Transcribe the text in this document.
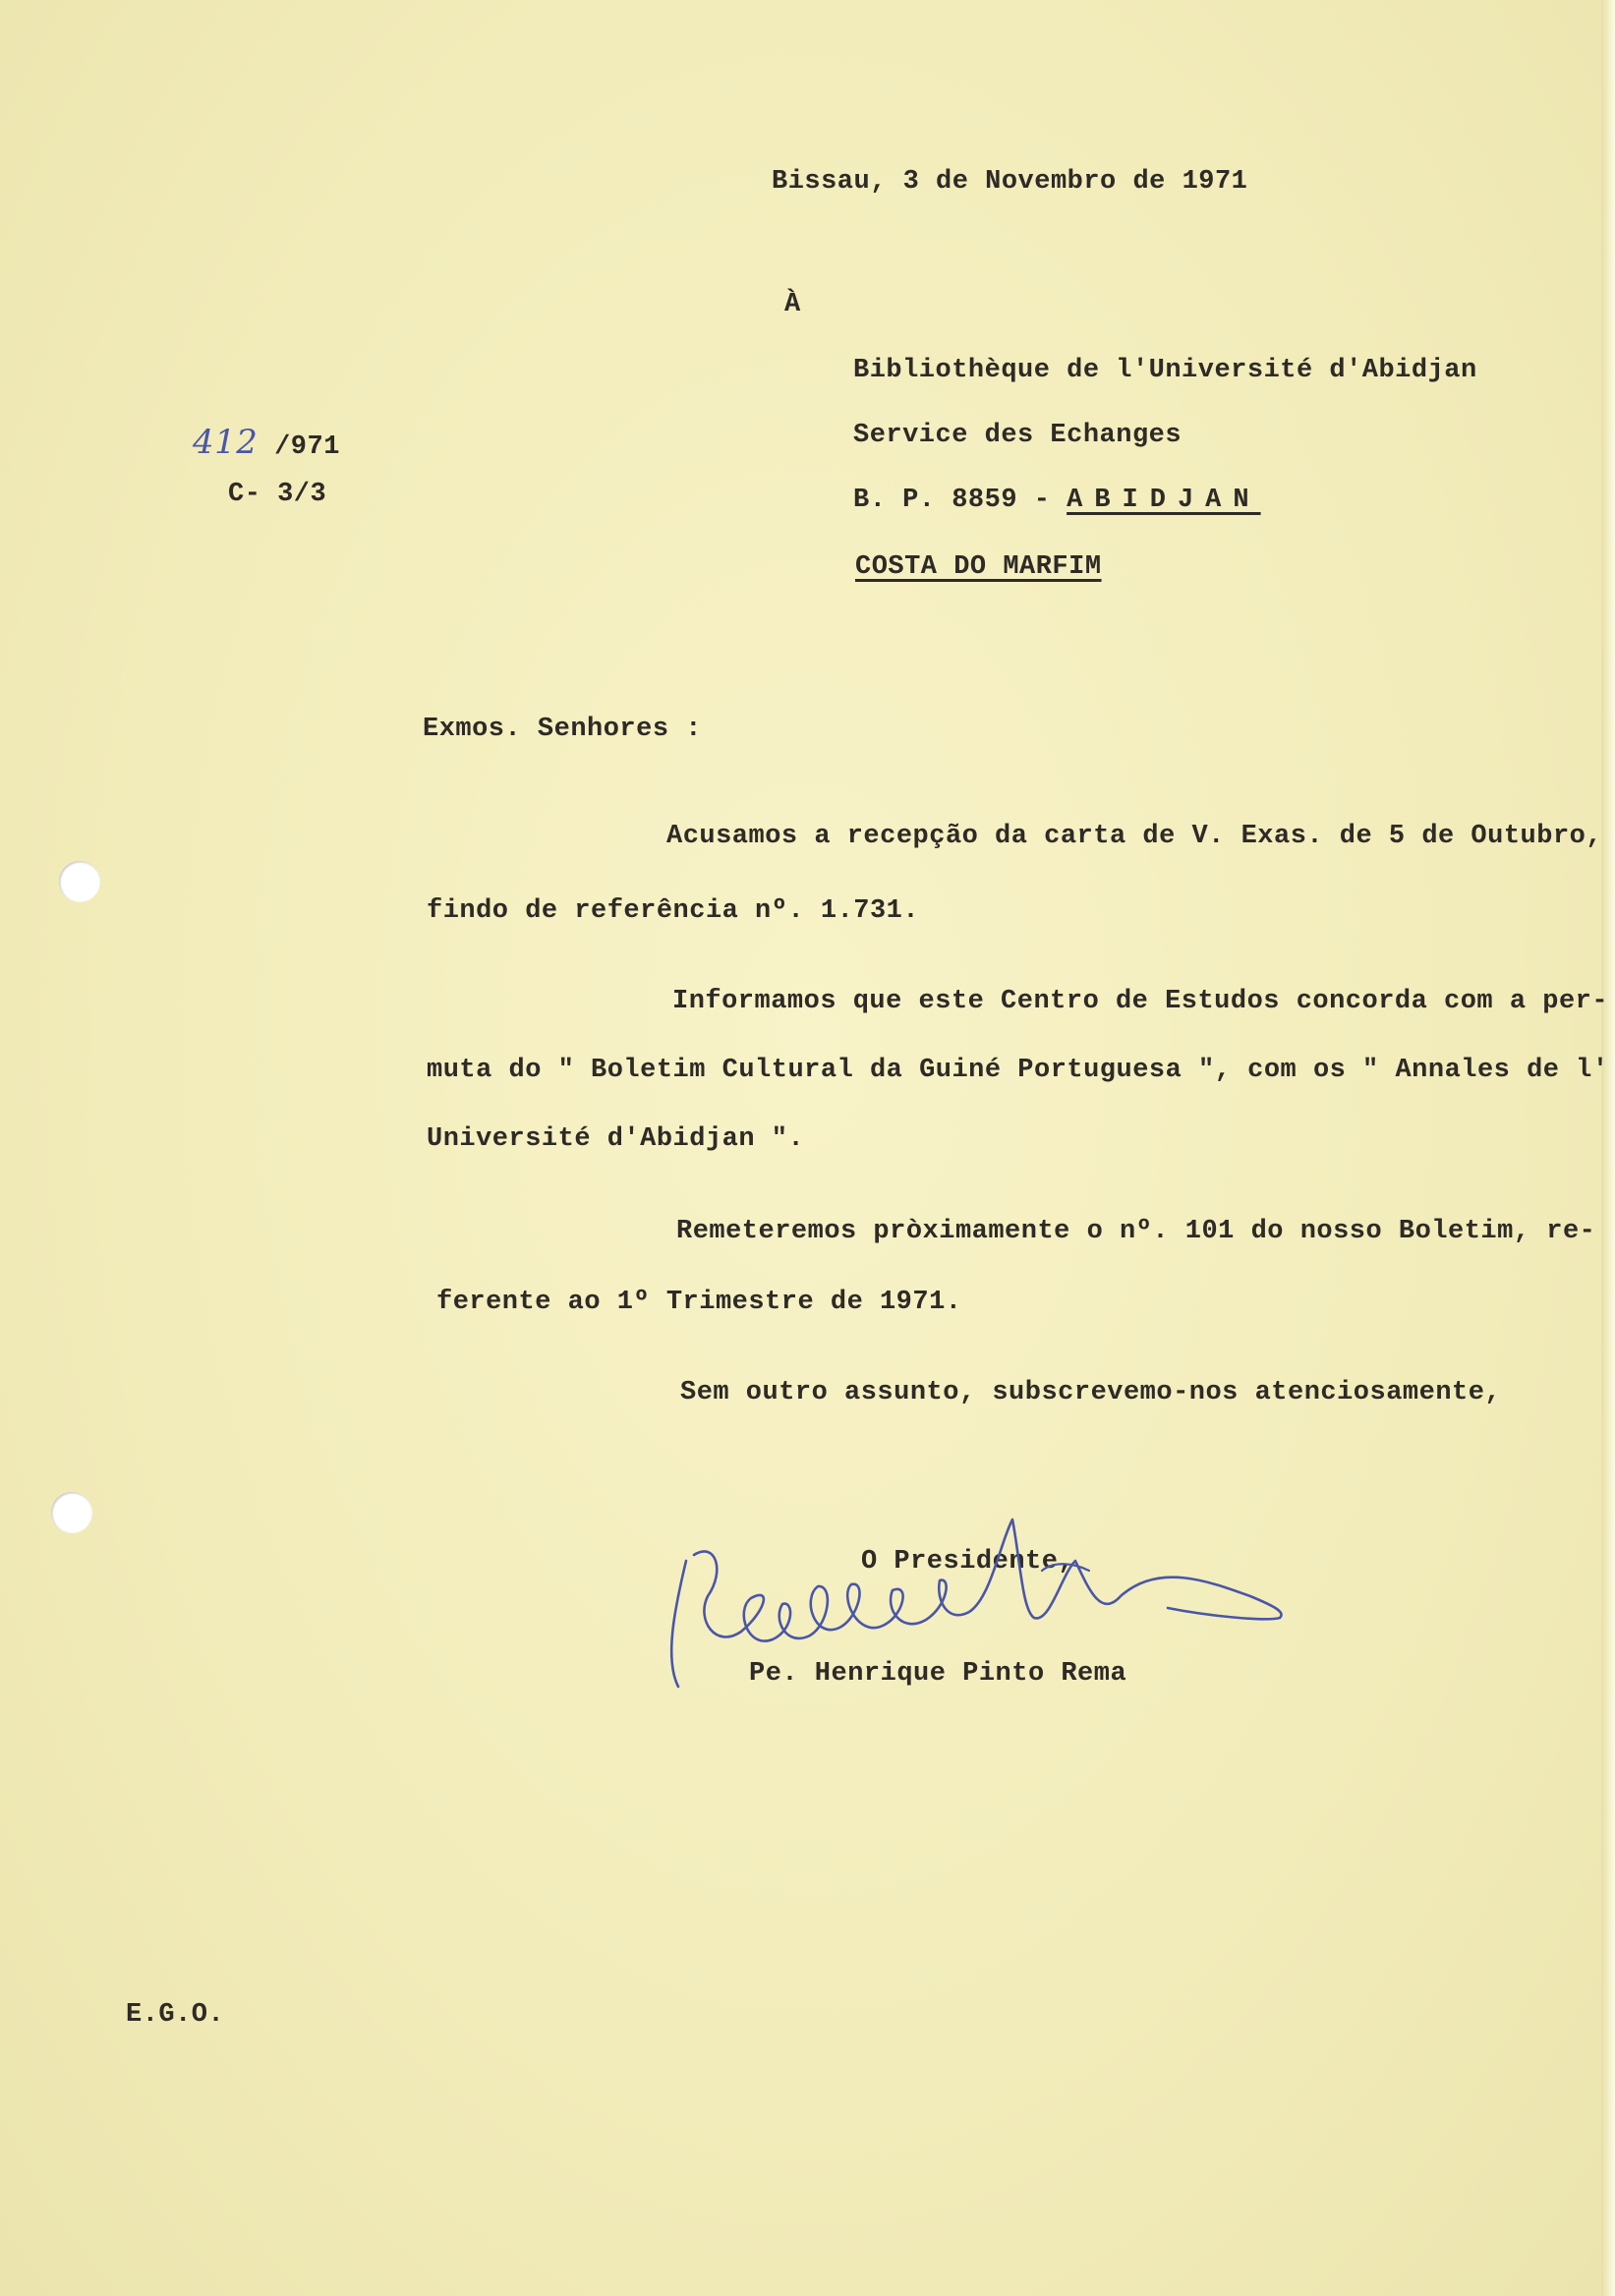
Bissau, 3 de Novembro de 1971
À
Bibliothèque de l'Université d'Abidjan
Service des Echanges
B. P. 8859 - ABIDJAN
COSTA DO MARFIM
412 /971
C- 3/3
Exmos. Senhores :
Acusamos a recepção da carta de V. Exas. de 5 de Outubro,
findo de referência nº. 1.731.
Informamos que este Centro de Estudos concorda com a per-
muta do " Boletim Cultural da Guiné Portuguesa ", com os " Annales de l'
Université d'Abidjan ".
Remeteremos pròximamente o nº. 101 do nosso Boletim, re-
ferente ao 1º Trimestre de 1971.
Sem outro assunto, subscrevemo-nos atenciosamente,
O Presidente,
Pe. Henrique Pinto Rema
E.G.O.
